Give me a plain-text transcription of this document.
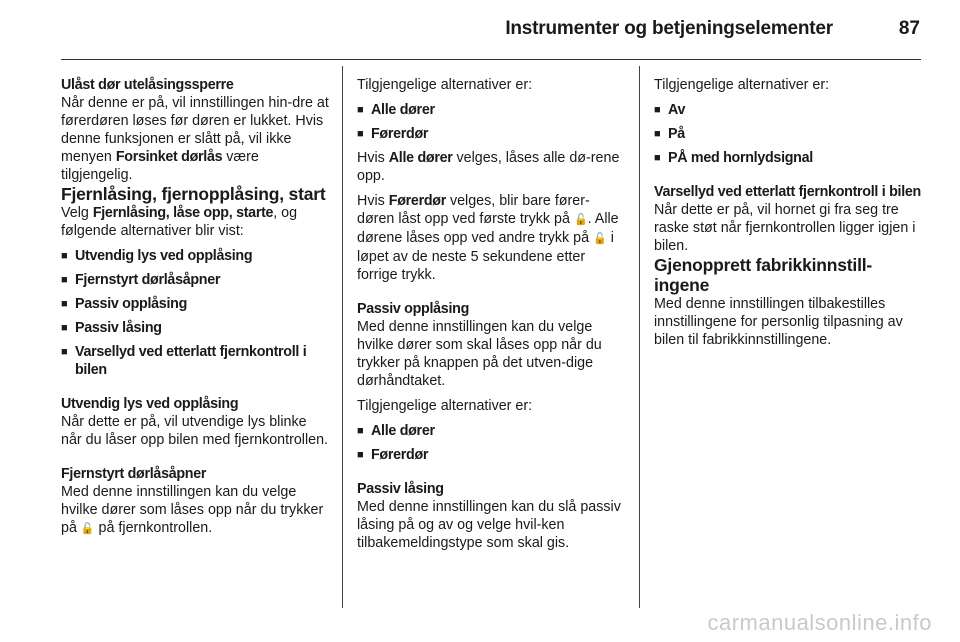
Instrumenter og betjeningselementer	87

Ulåst dør utelåsingssperre

Når denne er på, vil innstillingen hin-dre at førerdøren løses før døren er lukket. Hvis denne funksjonen er slått på, vil ikke menyen Forsinket dørlås være tilgjengelig.

Fjernlåsing, fjernopplåsing, start

Velg Fjernlåsing, låse opp, starte, og følgende alternativer blir vist:

■ Utvendig lys ved opplåsing
■ Fjernstyrt dørlåsåpner
■ Passiv opplåsing
■ Passiv låsing
■ Varsellyd ved etterlatt fjernkontroll i bilen

Utvendig lys ved opplåsing

Når dette er på, vil utvendige lys blinke når du låser opp bilen med fjernkontrollen.

Fjernstyrt dørlåsåpner

Med denne innstillingen kan du velge hvilke dører som låses opp når du trykker på 🔓 på fjernkontrollen.

Tilgjengelige alternativer er:

■ Alle dører
■ Førerdør

Hvis Alle dører velges, låses alle dø-rene opp.

Hvis Førerdør velges, blir bare fører-døren låst opp ved første trykk på 🔓. Alle dørene låses opp ved andre trykk på 🔓 i løpet av de neste 5 sekundene etter forrige trykk.

Passiv opplåsing

Med denne innstillingen kan du velge hvilke dører som skal låses opp når du trykker på knappen på det utven-dige dørhåndtaket.

Tilgjengelige alternativer er:

■ Alle dører
■ Førerdør

Passiv låsing

Med denne innstillingen kan du slå passiv låsing på og av og velge hvil-ken tilbakemeldingstype som skal gis.

Tilgjengelige alternativer er:

■ Av
■ På
■ PÅ med hornlydsignal

Varsellyd ved etterlatt fjernkontroll i bilen

Når dette er på, vil hornet gi fra seg tre raske støt når fjernkontrollen ligger igjen i bilen.

Gjenopprett fabrikkinnstill-ingene

Med denne innstillingen tilbakestilles innstillingene for personlig tilpasning av bilen til fabrikkinnstillingene.

carmanualsonline.info
